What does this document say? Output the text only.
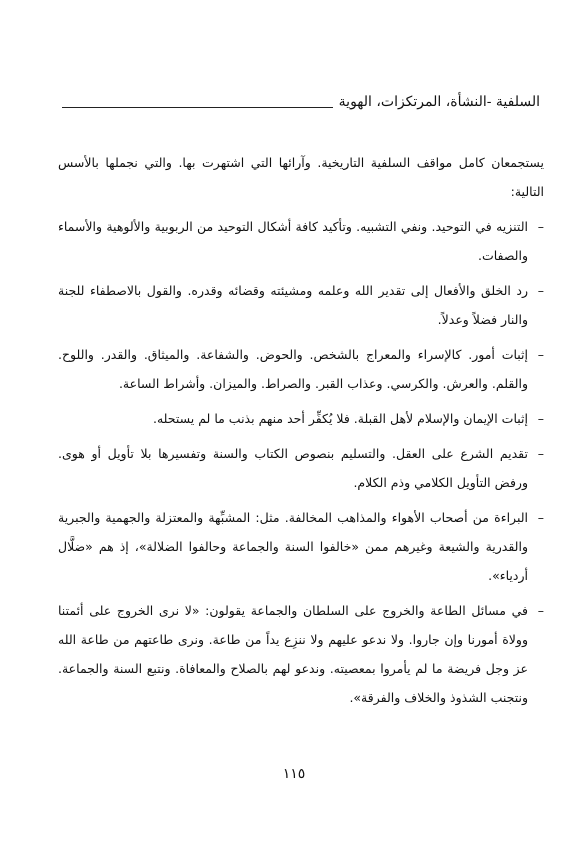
السلفية -النشأة، المرتكزات، الهوية

يستجمعان كامل مواقف السلفية التاريخية. وآرائها التي اشتهرت بها. والتي نجملها بالأسس التالية:

–
التنزيه في التوحيد. ونفي التشبيه. وتأكيد كافة أشكال التوحيد من الربوبية والألوهية والأسماء والصفات.
–
رد الخلق والأفعال إلى تقدير الله وعلمه ومشيئته وقضائه وقدره. والقول بالاصطفاء للجنة والنار فضلاً وعدلاً.
–
إثبات أمور. كالإسراء والمعراج بالشخص. والحوض. والشفاعة. والميثاق. والقدر. واللوح. والقلم. والعرش. والكرسي. وعذاب القبر. والصراط. والميزان. وأشراط الساعة.
–
إثبات الإيمان والإسلام لأهل القبلة. فلا يُكفِّر أحد منهم بذنب ما لم يستحله.
–
تقديم الشرع على العقل. والتسليم بنصوص الكتاب والسنة وتفسيرها بلا تأويل أو هوى. ورفض التأويل الكلامي وذم الكلام.
–
البراءة من أصحاب الأهواء والمذاهب المخالفة. مثل: المشبِّهة والمعتزلة والجهمية والجبرية والقدرية والشيعة وغيرهم ممن «خالفوا السنة والجماعة وحالفوا الضلالة»، إذ هم «ضلَّال أردياء».
–
في مسائل الطاعة والخروج على السلطان والجماعة يقولون: «لا نرى الخروج على أئمتنا وولاة أمورنا وإن جاروا. ولا ندعو عليهم ولا ننزِع يداً من طاعة. ونرى طاعتهم من طاعة الله عز وجل فريضة ما لم يأمروا بمعصيته. وندعو لهم بالصلاح والمعافاة. ونتبع السنة والجماعة. ونتجنب الشذوذ والخلاف والفرقة».
١١٥
